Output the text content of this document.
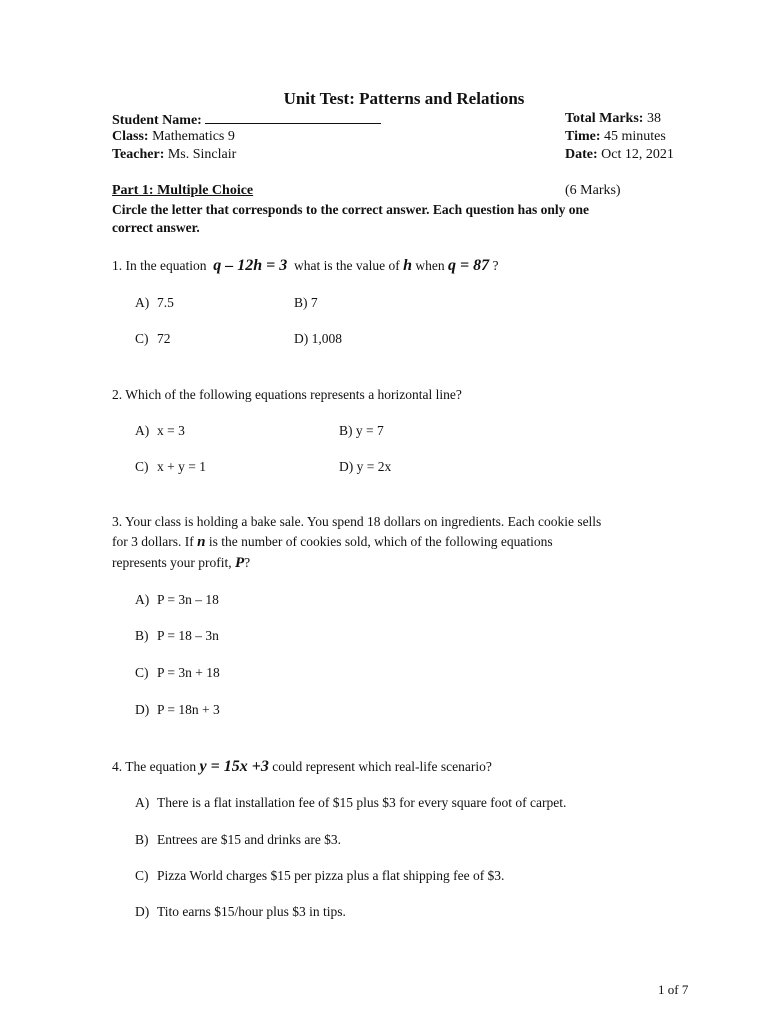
Unit Test: Patterns and Relations
Student Name:
Class: Mathematics 9
Teacher: Ms. Sinclair
Total Marks: 38
Time: 45 minutes
Date: Oct 12, 2021
Part 1: Multiple Choice	(6 Marks)
Circle the letter that corresponds to the correct answer. Each question has only one
correct answer.
1. In the equation q – 12h = 3 what is the value of h when q = 87 ?
A) 7.5	B) 7
C) 72	D) 1,008
2. Which of the following equations represents a horizontal line?
A) x = 3	B) y = 7
C) x + y = 1	D) y = 2x
3. Your class is holding a bake sale. You spend 18 dollars on ingredients. Each cookie sells
for 3 dollars. If n is the number of cookies sold, which of the following equations
represents your profit, P?
A) P = 3n – 18
B) P = 18 – 3n
C) P = 3n + 18
D) P = 18n + 3
4. The equation y = 15x +3 could represent which real-life scenario?
A) There is a flat installation fee of $15 plus $3 for every square foot of carpet.
B) Entrees are $15 and drinks are $3.
C) Pizza World charges $15 per pizza plus a flat shipping fee of $3.
D) Tito earns $15/hour plus $3 in tips.
1 of 7
